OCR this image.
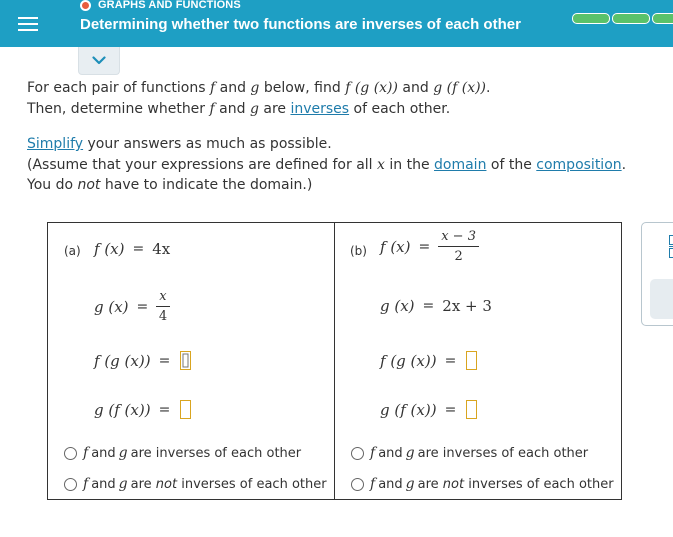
GRAPHS AND FUNCTIONS
Determining whether two functions are inverses of each other

For each pair of functions f and g below, find f (g (x)) and g (f (x)).

Then, determine whether f and g are inverses of each other.

Simplify your answers as much as possible.

(Assume that your expressions are defined for all x in the domain of the composition.

You do not have to indicate the domain.)

(a) f (x) = 4x
g $(x) = \frac{x}{4}$
f (g (x)) =
g (f (x)) =
f and g are inverses of each other
f and g are
not
inverses of each other
(b) f $(x) = \frac{x - 3}{2}$
g (x) = 2x + 3
f (g (x)) =
g (f (x)) =
f and g are inverses of each other
f and g are
not
inverses of each other
